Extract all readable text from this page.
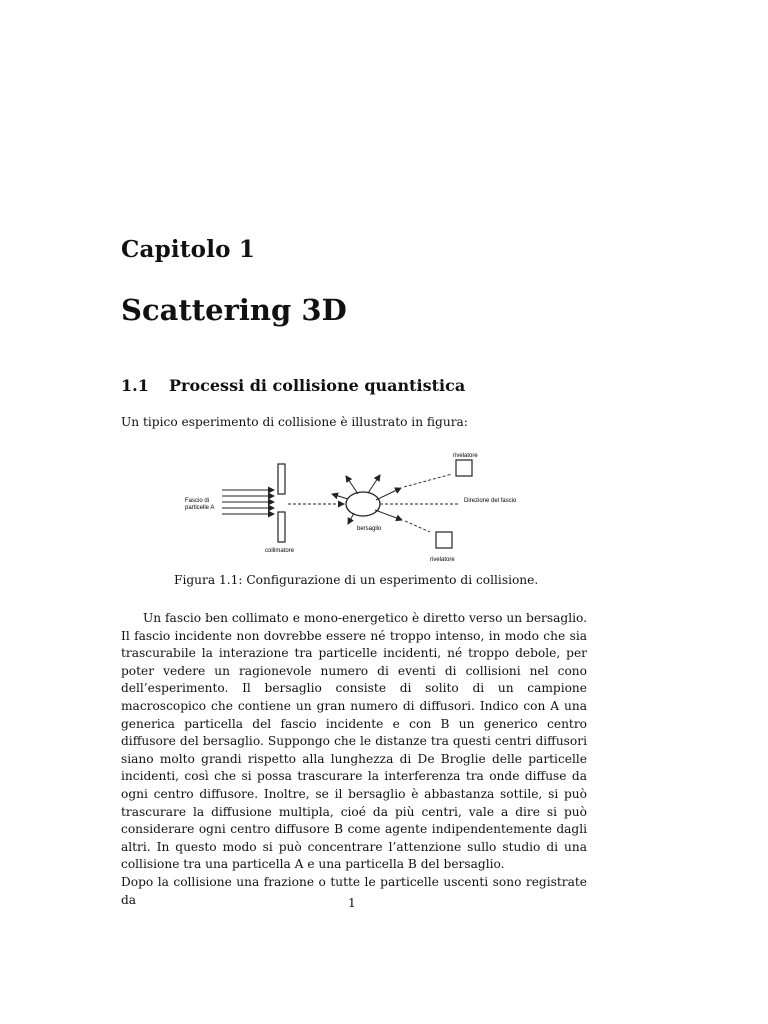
Capitolo 1
Scattering 3D
1.1 Processi di collisione quantistica
Un tipico esperimento di collisione è illustrato in figura:
Fascio di
particelle A
collimatore
bersaglio
rivelatore
rivelatore
Direzione del fascio
Figura 1.1: Configurazione di un esperimento di collisione.

Un fascio ben collimato e mono-energetico è diretto verso un bersaglio. Il fascio incidente non dovrebbe essere né troppo intenso, in modo che sia trascurabile la interazione tra particelle incidenti, né troppo debole, per poter vedere un ragionevole numero di eventi di collisioni nel cono dell’esperimento. Il bersaglio consiste di solito di un campione macroscopico che contiene un gran numero di diffusori. Indico con A una generica particella del fascio incidente e con B un generico centro diffusore del bersaglio. Suppongo che le distanze tra questi centri diffusori siano molto grandi rispetto alla lunghezza di De Broglie delle particelle incidenti, così che si possa trascurare la interferenza tra onde diffuse da ogni centro diffusore. Inoltre, se il bersaglio è abbastanza sottile, si può trascurare la diffusione multipla, cioé da più centri, vale a dire si può considerare ogni centro diffusore B come agente indipendentemente dagli altri. In questo modo si può concentrare l’attenzione sullo studio di una collisione tra una particella A e una particella B del bersaglio.

Dopo la collisione una frazione o tutte le particelle uscenti sono registrate da	1
